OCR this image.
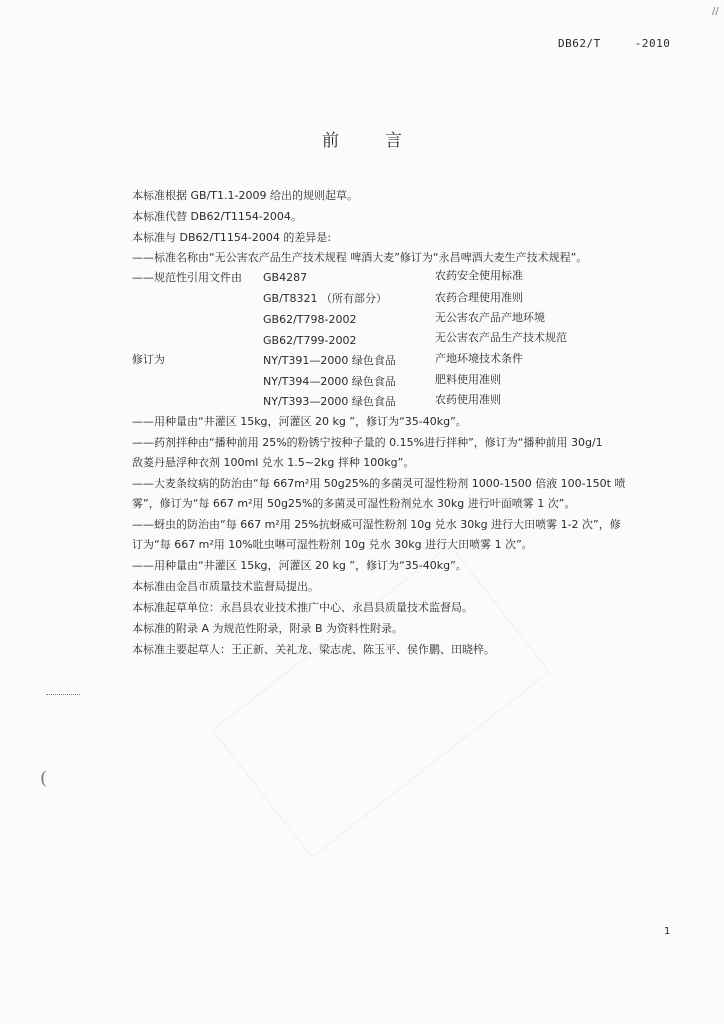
//
DB62/T	-2010
前言
本标准根据 GB/T1.1-2009 给出的规则起草。
本标准代替 DB62/T1154-2004。
本标准与 DB62/T1154-2004 的差异是:
——标准名称由“无公害农产品生产技术规程 啤酒大麦”修订为“永昌啤酒大麦生产技术规程”。
——规范性引用文件由
修订为
GB4287	农药安全使用标准
GB/T8321 （所有部分）	农药合理使用准则
GB62/T798-2002	无公害农产品产地环境
GB62/T799-2002	无公害农产品生产技术规范
NY/T391—2000 绿色食品	产地环境技术条件
NY/T394—2000 绿色食品	肥料使用准则
NY/T393—2000 绿色食品	农药使用准则
——用种量由“井灌区 15kg，河灌区 20 kg ”，修订为“35-40kg”。
——药剂拌种由“播种前用 25%的粉锈宁按种子量的 0.15%进行拌种”，修订为“播种前用 30g/1
敌菱丹悬浮种衣剂 100ml 兑水 1.5~2kg 拌种 100kg”。
——大麦条纹病的防治由“每 667m²用 50g25%的多菌灵可湿性粉剂 1000-1500 倍液 100-150t 喷
雾”，修订为“每 667 m²用 50g25%的多菌灵可湿性粉剂兑水 30kg 进行叶面喷雾 1 次”。
——蚜虫的防治由“每 667 m²用 25%抗蚜威可湿性粉剂 10g 兑水 30kg 进行大田喷雾 1-2 次”，修
订为“每 667 m²用 10%吡虫啉可湿性粉剂 10g 兑水 30kg 进行大田喷雾 1 次”。
——用种量由“井灌区 15kg，河灌区 20 kg ”，修订为“35-40kg”。
本标准由金昌市质量技术监督局提出。
本标准起草单位：永昌县农业技术推广中心、永昌县质量技术监督局。
本标准的附录 A 为规范性附录，附录 B 为资料性附录。
本标准主要起草人：王正新、关礼龙、梁志虎、陈玉平、侯作鹏、田晓梓。
(
1
